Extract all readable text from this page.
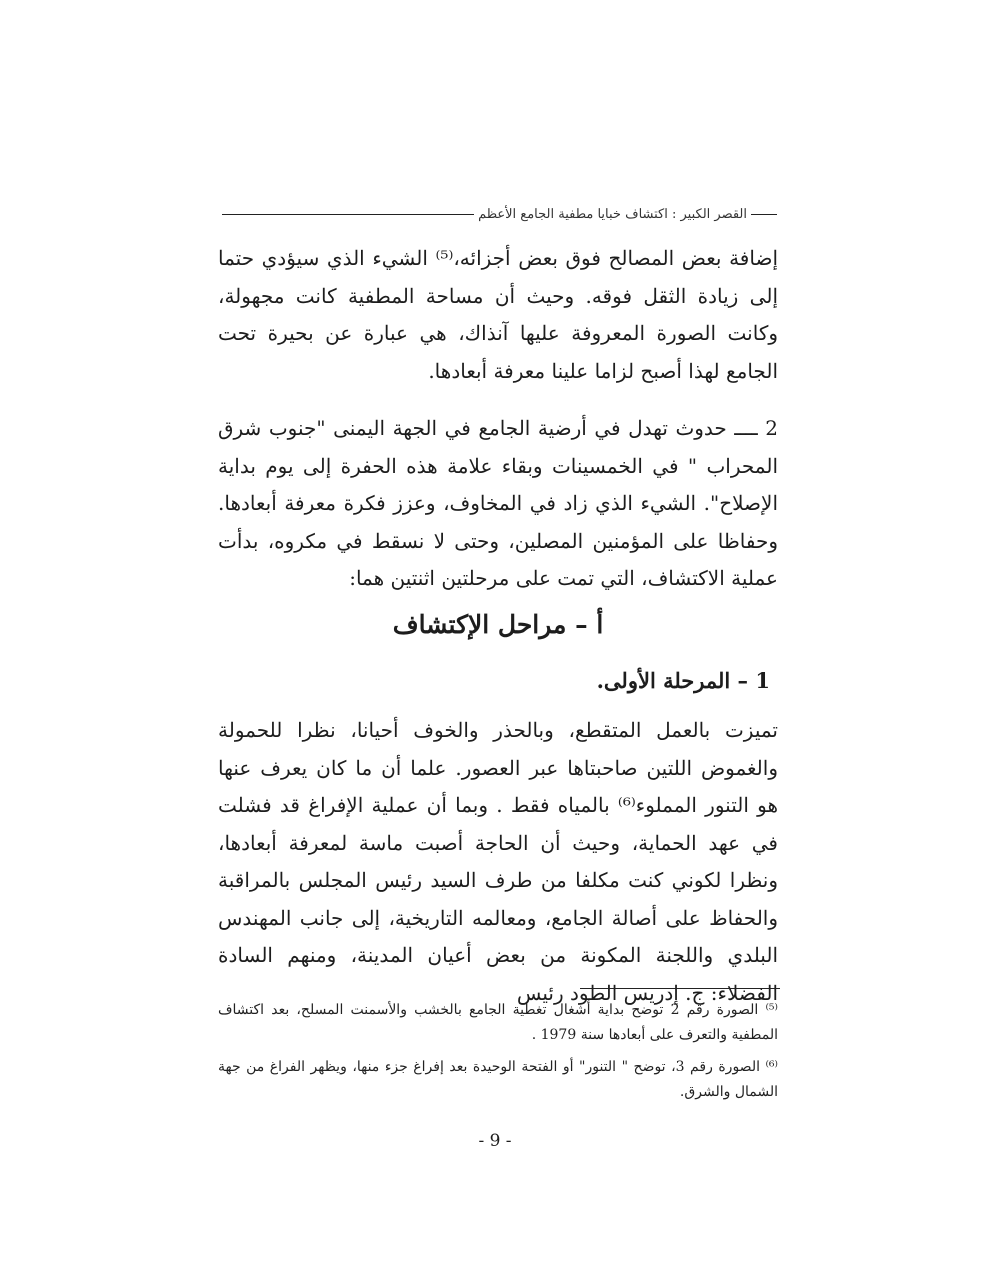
القصر الكبير : اكتشاف خبايا مطفية الجامع الأعظم

إضافة بعض المصالح فوق بعض أجزائه،⁽⁵⁾ الشيء الذي سيؤدي حتما إلى زيادة الثقل فوقه. وحيث أن مساحة المطفية كانت مجهولة، وكانت الصورة المعروفة عليها آنذاك، هي عبارة عن بحيرة تحت الجامع لهذا أصبح لزاما علينا معرفة أبعادها.

2 ــــ حدوث تهدل في أرضية الجامع في الجهة اليمنى "جنوب شرق المحراب " في الخمسينات وبقاء علامة هذه الحفرة إلى يوم بداية الإصلاح". الشيء الذي زاد في المخاوف، وعزز فكرة معرفة أبعادها. وحفاظا على المؤمنين المصلين، وحتى لا نسقط في مكروه، بدأت عملية الاكتشاف، التي تمت على مرحلتين اثنتين هما:

أ – مراحل الإكتشاف
1 – المرحلة الأولى.

تميزت بالعمل المتقطع، وبالحذر والخوف أحيانا، نظرا للحمولة والغموض اللتين صاحبتاها عبر العصور. علما أن ما كان يعرف عنها هو التنور المملوء⁽⁶⁾ بالمياه فقط . وبما أن عملية الإفراغ قد فشلت في عهد الحماية، وحيث أن الحاجة أصبت ماسة لمعرفة أبعادها، ونظرا لكوني كنت مكلفا من طرف السيد رئيس المجلس بالمراقبة والحفاظ على أصالة الجامع، ومعالمه التاريخية، إلى جانب المهندس البلدي واللجنة المكونة من بعض أعيان المدينة، ومنهم السادة الفضلاء: ج. إدريس الطود رئيس

⁽⁵⁾ الصورة رقم 2 توضح بداية أشغال تغطية الجامع بالخشب والأسمنت المسلح، بعد اكتشاف المطفية والتعرف على أبعادها سنة 1979 .

⁽⁶⁾ الصورة رقم 3، توضح " التنور" أو الفتحة الوحيدة بعد إفراغ جزء منها، ويظهر الفراغ من جهة الشمال والشرق.

- 9 -
